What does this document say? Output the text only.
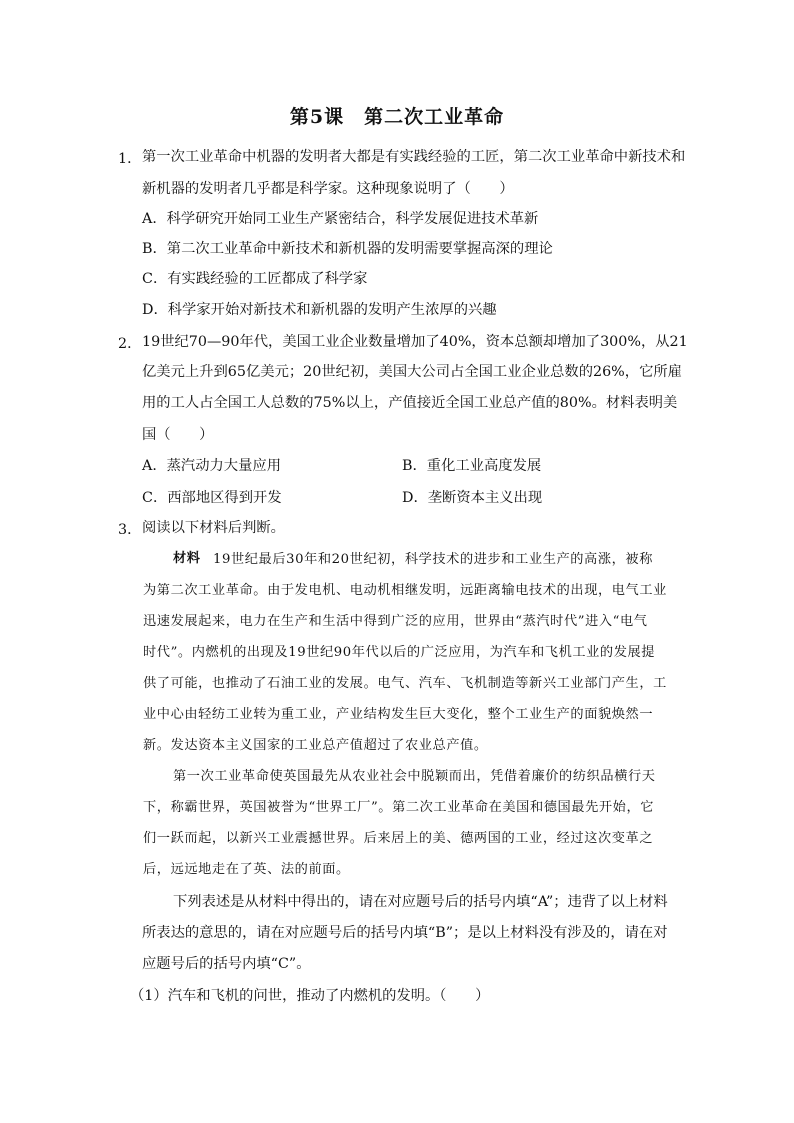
第5课　第二次工业革命
1． 第一次工业革命中机器的发明者大都是有实践经验的工匠，第二次工业革命中新技术和
新机器的发明者几乎都是科学家。这种现象说明了（　　）
A．科学研究开始同工业生产紧密结合，科学发展促进技术革新
B．第二次工业革命中新技术和新机器的发明需要掌握高深的理论
C．有实践经验的工匠都成了科学家
D．科学家开始对新技术和新机器的发明产生浓厚的兴趣
2． 19世纪70—90年代，美国工业企业数量增加了40%，资本总额却增加了300%，从21
亿美元上升到65亿美元；20世纪初，美国大公司占全国工业企业总数的26%，它所雇
用的工人占全国工人总数的75%以上，产值接近全国工业总产值的80%。材料表明美
国（　　）
A．蒸汽动力大量应用	B．重化工业高度发展
C．西部地区得到开发	D．垄断资本主义出现
3． 阅读以下材料后判断。
材料 19世纪最后30年和20世纪初，科学技术的进步和工业生产的高涨，被称
为第二次工业革命。由于发电机、电动机相继发明，远距离输电技术的出现，电气工业
迅速发展起来，电力在生产和生活中得到广泛的应用，世界由“蒸汽时代”进入“电气
时代”。内燃机的出现及19世纪90年代以后的广泛应用，为汽车和飞机工业的发展提
供了可能，也推动了石油工业的发展。电气、汽车、飞机制造等新兴工业部门产生，工
业中心由轻纺工业转为重工业，产业结构发生巨大变化，整个工业生产的面貌焕然一
新。发达资本主义国家的工业总产值超过了农业总产值。
第一次工业革命使英国最先从农业社会中脱颖而出，凭借着廉价的纺织品横行天
下，称霸世界，英国被誉为“世界工厂”。第二次工业革命在美国和德国最先开始，它
们一跃而起，以新兴工业震撼世界。后来居上的美、德两国的工业，经过这次变革之
后，远远地走在了英、法的前面。
下列表述是从材料中得出的，请在对应题号后的括号内填“A”；违背了以上材料
所表达的意思的，请在对应题号后的括号内填“B”；是以上材料没有涉及的，请在对
应题号后的括号内填“C”。
（1）汽车和飞机的问世，推动了内燃机的发明。（　　）
